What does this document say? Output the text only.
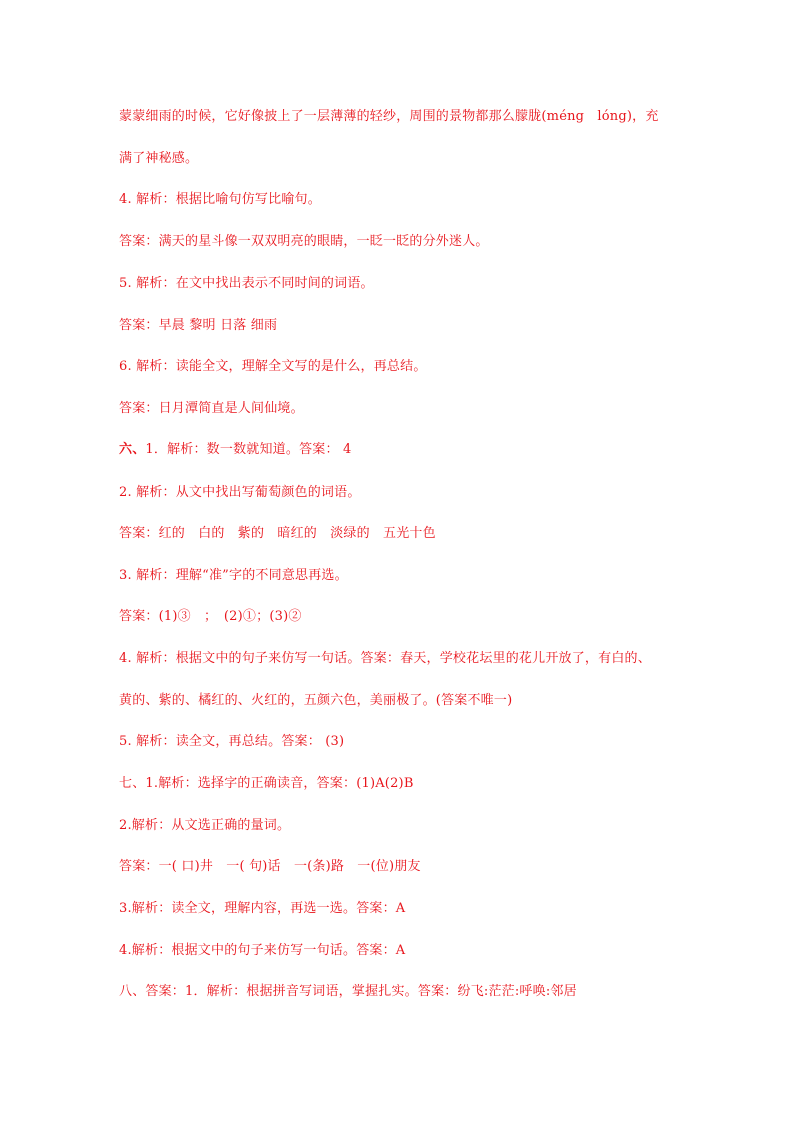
蒙蒙细雨的时候，它好像披上了一层薄薄的轻纱，周围的景物都那么朦胧(méng　lóng)，充
满了神秘感。
4. 解析：根据比喻句仿写比喻句。
答案：满天的星斗像一双双明亮的眼睛，一眨一眨的分外迷人。
5. 解析：在文中找出表示不同时间的词语。
答案：早晨 黎明 日落 细雨
6. 解析：读能全文，理解全文写的是什么，再总结。
答案：日月潭简直是人间仙境。
六、1．解析：数一数就知道。答案： 4
2. 解析：从文中找出写葡萄颜色的词语。
答案：红的　白的　紫的　暗红的　淡绿的　五光十色
3. 解析：理解“准”字的不同意思再选。
答案：(1)③　；　(2)①；(3)②
4. 解析：根据文中的句子来仿写一句话。答案：春天，学校花坛里的花儿开放了，有白的、
黄的、紫的、橘红的、火红的，五颜六色，美丽极了。(答案不唯一)
5. 解析：读全文，再总结。答案： (3)
七、1.解析：选择字的正确读音，答案：(1)A(2)B
2.解析：从文选正确的量词。
答案：一( 口)井　一( 句)话　一(条)路　一(位)朋友
3.解析：读全文，理解内容，再选一选。答案：A
4.解析：根据文中的句子来仿写一句话。答案：A
八、答案：1．解析：根据拼音写词语，掌握扎实。答案：纷飞:茫茫:呼唤:邻居
